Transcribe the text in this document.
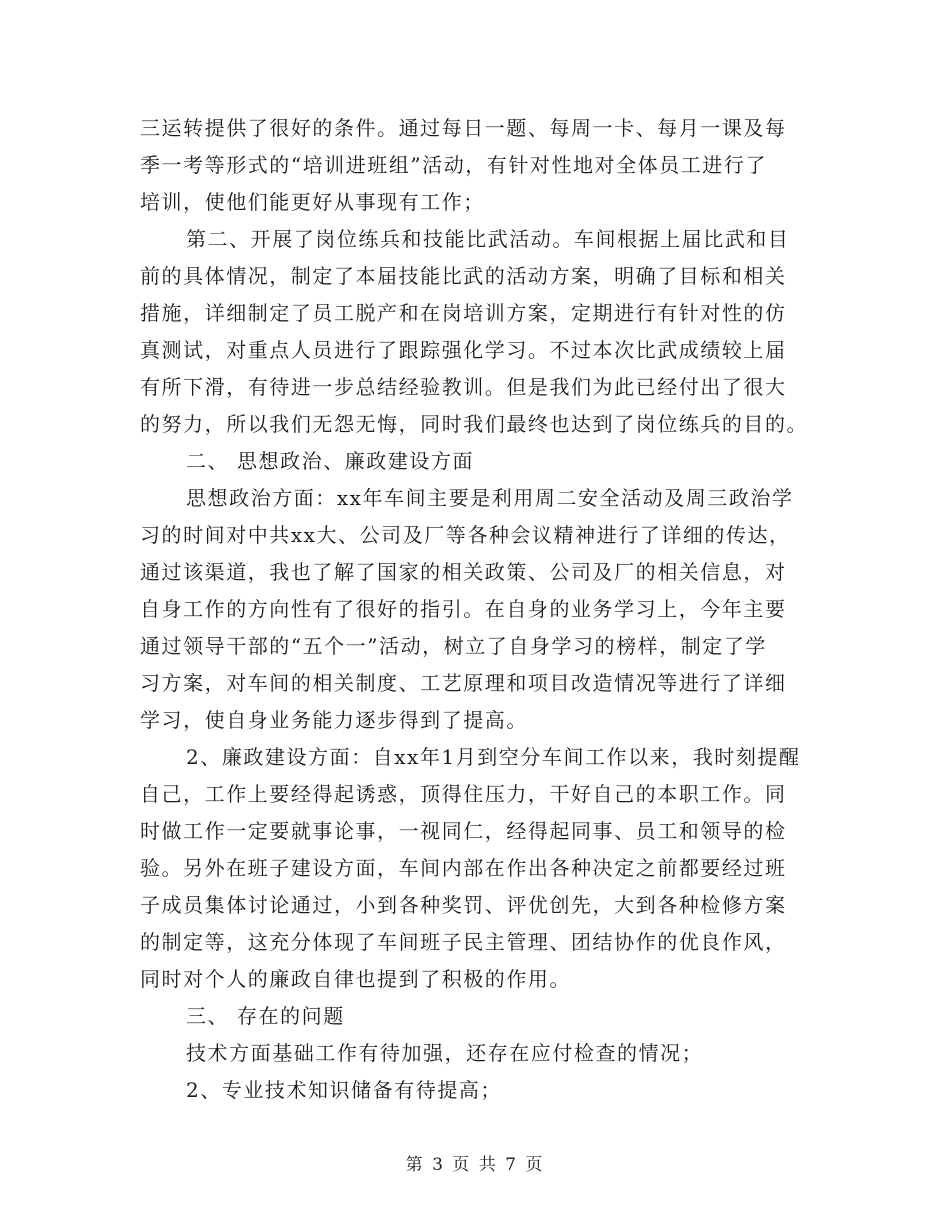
三运转提供了很好的条件。通过每日一题、每周一卡、每月一课及每
季一考等形式的“培训进班组”活动，有针对性地对全体员工进行了
培训，使他们能更好从事现有工作；
第二、开展了岗位练兵和技能比武活动。车间根据上届比武和目
前的具体情况，制定了本届技能比武的活动方案，明确了目标和相关
措施，详细制定了员工脱产和在岗培训方案，定期进行有针对性的仿
真测试，对重点人员进行了跟踪强化学习。不过本次比武成绩较上届
有所下滑，有待进一步总结经验教训。但是我们为此已经付出了很大
的努力，所以我们无怨无悔，同时我们最终也达到了岗位练兵的目的。
二、 思想政治、廉政建设方面
思想政治方面：xx年车间主要是利用周二安全活动及周三政治学
习的时间对中共xx大、公司及厂等各种会议精神进行了详细的传达，
通过该渠道，我也了解了国家的相关政策、公司及厂的相关信息，对
自身工作的方向性有了很好的指引。在自身的业务学习上，今年主要
通过领导干部的“五个一”活动，树立了自身学习的榜样，制定了学
习方案，对车间的相关制度、工艺原理和项目改造情况等进行了详细
学习，使自身业务能力逐步得到了提高。
2、廉政建设方面：自xx年1月到空分车间工作以来，我时刻提醒
自己，工作上要经得起诱惑，顶得住压力，干好自己的本职工作。同
时做工作一定要就事论事，一视同仁，经得起同事、员工和领导的检
验。另外在班子建设方面，车间内部在作出各种决定之前都要经过班
子成员集体讨论通过，小到各种奖罚、评优创先，大到各种检修方案
的制定等，这充分体现了车间班子民主管理、团结协作的优良作风，
同时对个人的廉政自律也提到了积极的作用。
三、 存在的问题
技术方面基础工作有待加强，还存在应付检查的情况；
2、专业技术知识储备有待提高；
第 3 页 共 7 页
